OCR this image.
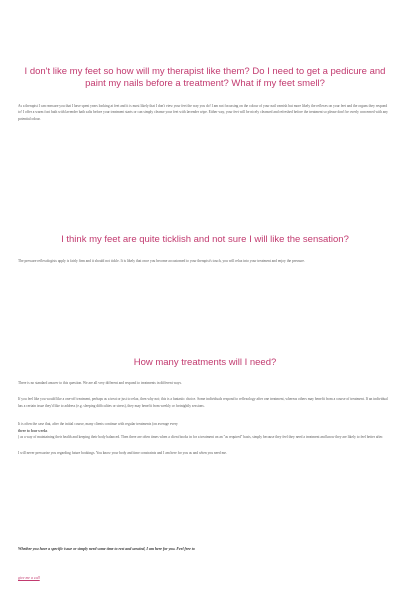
I don't like my feet so how will my therapist like them? Do I need to get a pedicure and paint my nails before a treatment? What if my feet smell?

As a therapist I can reassure you that I have spent years looking at feet and it is most likely that I don't view your feet the way you do! I am not focussing on the colour of your nail varnish but more likely the reflexes on your feet and the organs they respond to! I offer a warm foot bath with lavender bath salts before your treatment starts or can simply cleanse your feet with lavender wipe. Either way, your feet will be nicely cleansed and refreshed before the treatment so please don't be overly concerned with any potential odour.

I think my feet are quite ticklish and not sure I will like the sensation?

The pressure reflexologists apply is fairly firm and it should not tickle. It is likely that once you become accustomed to your therapist's touch, you will relax into your treatment and enjoy the pressure.

How many treatments will I need?

There is no standard answer to this question. We are all very different and respond to treatments in different ways.

If you feel like you would like a one-off treatment, perhaps as a treat or just to relax, then why not; this is a fantastic choice. Some individuals respond to reflexology after one treatment, whereas others may benefit from a course of treatment. If an individual has a certain issue they'd like to address (e.g. sleeping difficulties or stress), they may benefit from weekly or fortnightly sessions.

It is often the case that, after the initial course, many clients continue with regular treatments (on average every

three to four weeks

) as a way of maintaining their health and keeping their body balanced. Then there are often times when a client books in for a treatment on an "as required" basis, simply because they feel they need a treatment and know they are likely to feel better after.

I will never pressurise you regarding future bookings. You know your body and time constraints and I am here for you as and when you need me.

Whether you have a specific issue or simply need some time to rest and unwind, I am here for you. Feel free to

give me a call
